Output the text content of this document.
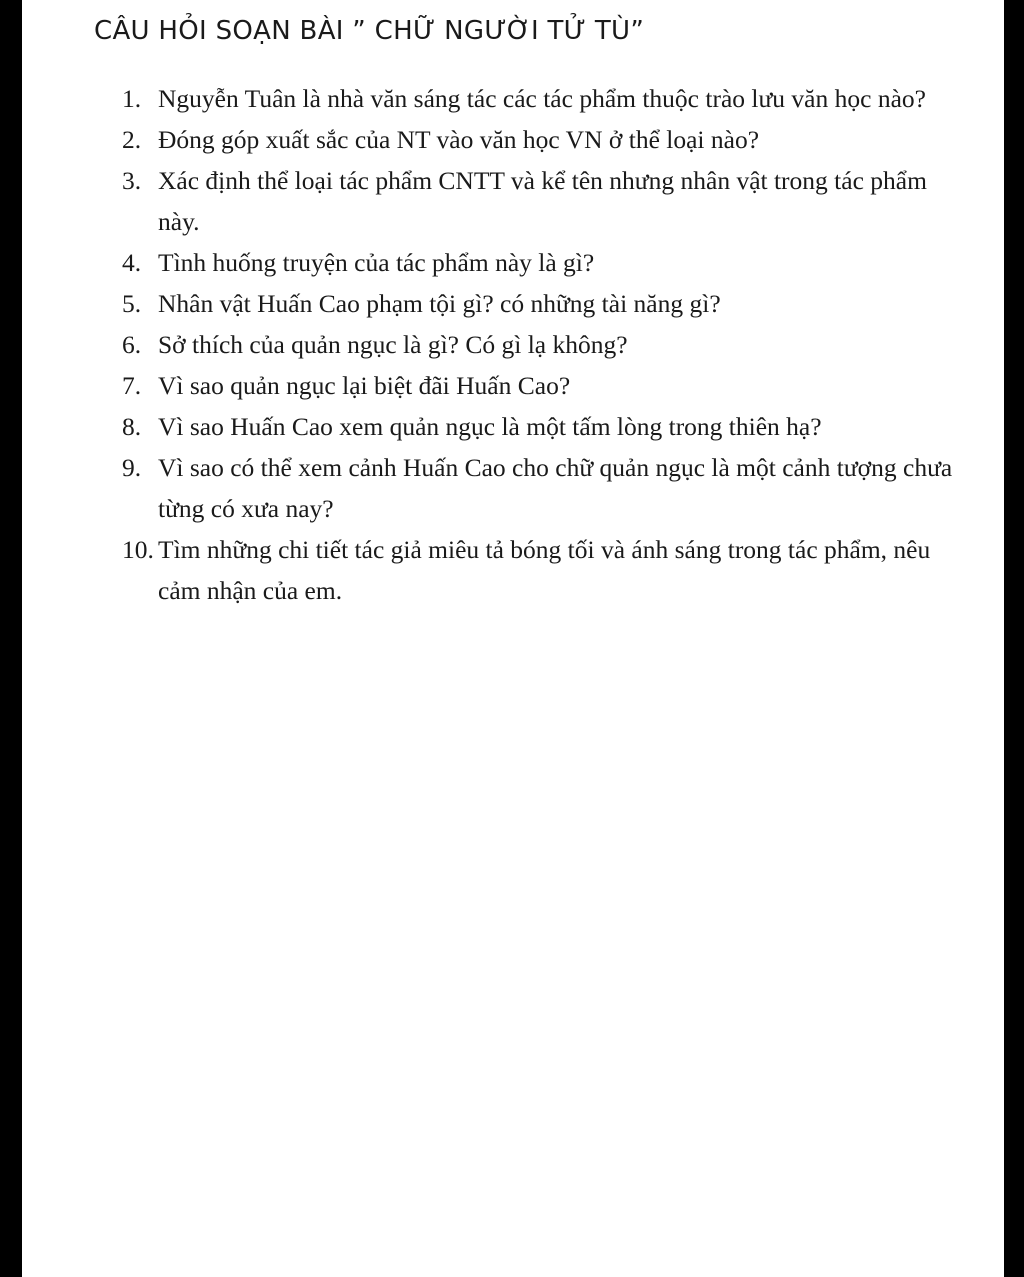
CÂU HỎI SOẠN BÀI ” CHỮ NGƯỜI TỬ TÙ”
1. Nguyễn Tuân là nhà văn sáng tác các tác phẩm thuộc trào lưu văn học nào?
2. Đóng góp xuất sắc của NT vào văn học VN ở thể loại nào?
3. Xác định thể loại tác phẩm CNTT và kể tên nhưng nhân vật trong tác phẩm này.
4. Tình huống truyện của tác phẩm này là gì?
5. Nhân vật Huấn Cao phạm tội gì? có những tài năng gì?
6. Sở thích của quản ngục là gì? Có gì lạ không?
7. Vì sao quản ngục lại biệt đãi Huấn Cao?
8. Vì sao Huấn Cao xem quản ngục là một tấm lòng trong thiên hạ?
9. Vì sao có thể xem cảnh Huấn Cao cho chữ quản ngục là một cảnh tượng chưa từng có xưa nay?
10. Tìm những chi tiết tác giả miêu tả bóng tối và ánh sáng trong tác phẩm, nêu cảm nhận của em.
